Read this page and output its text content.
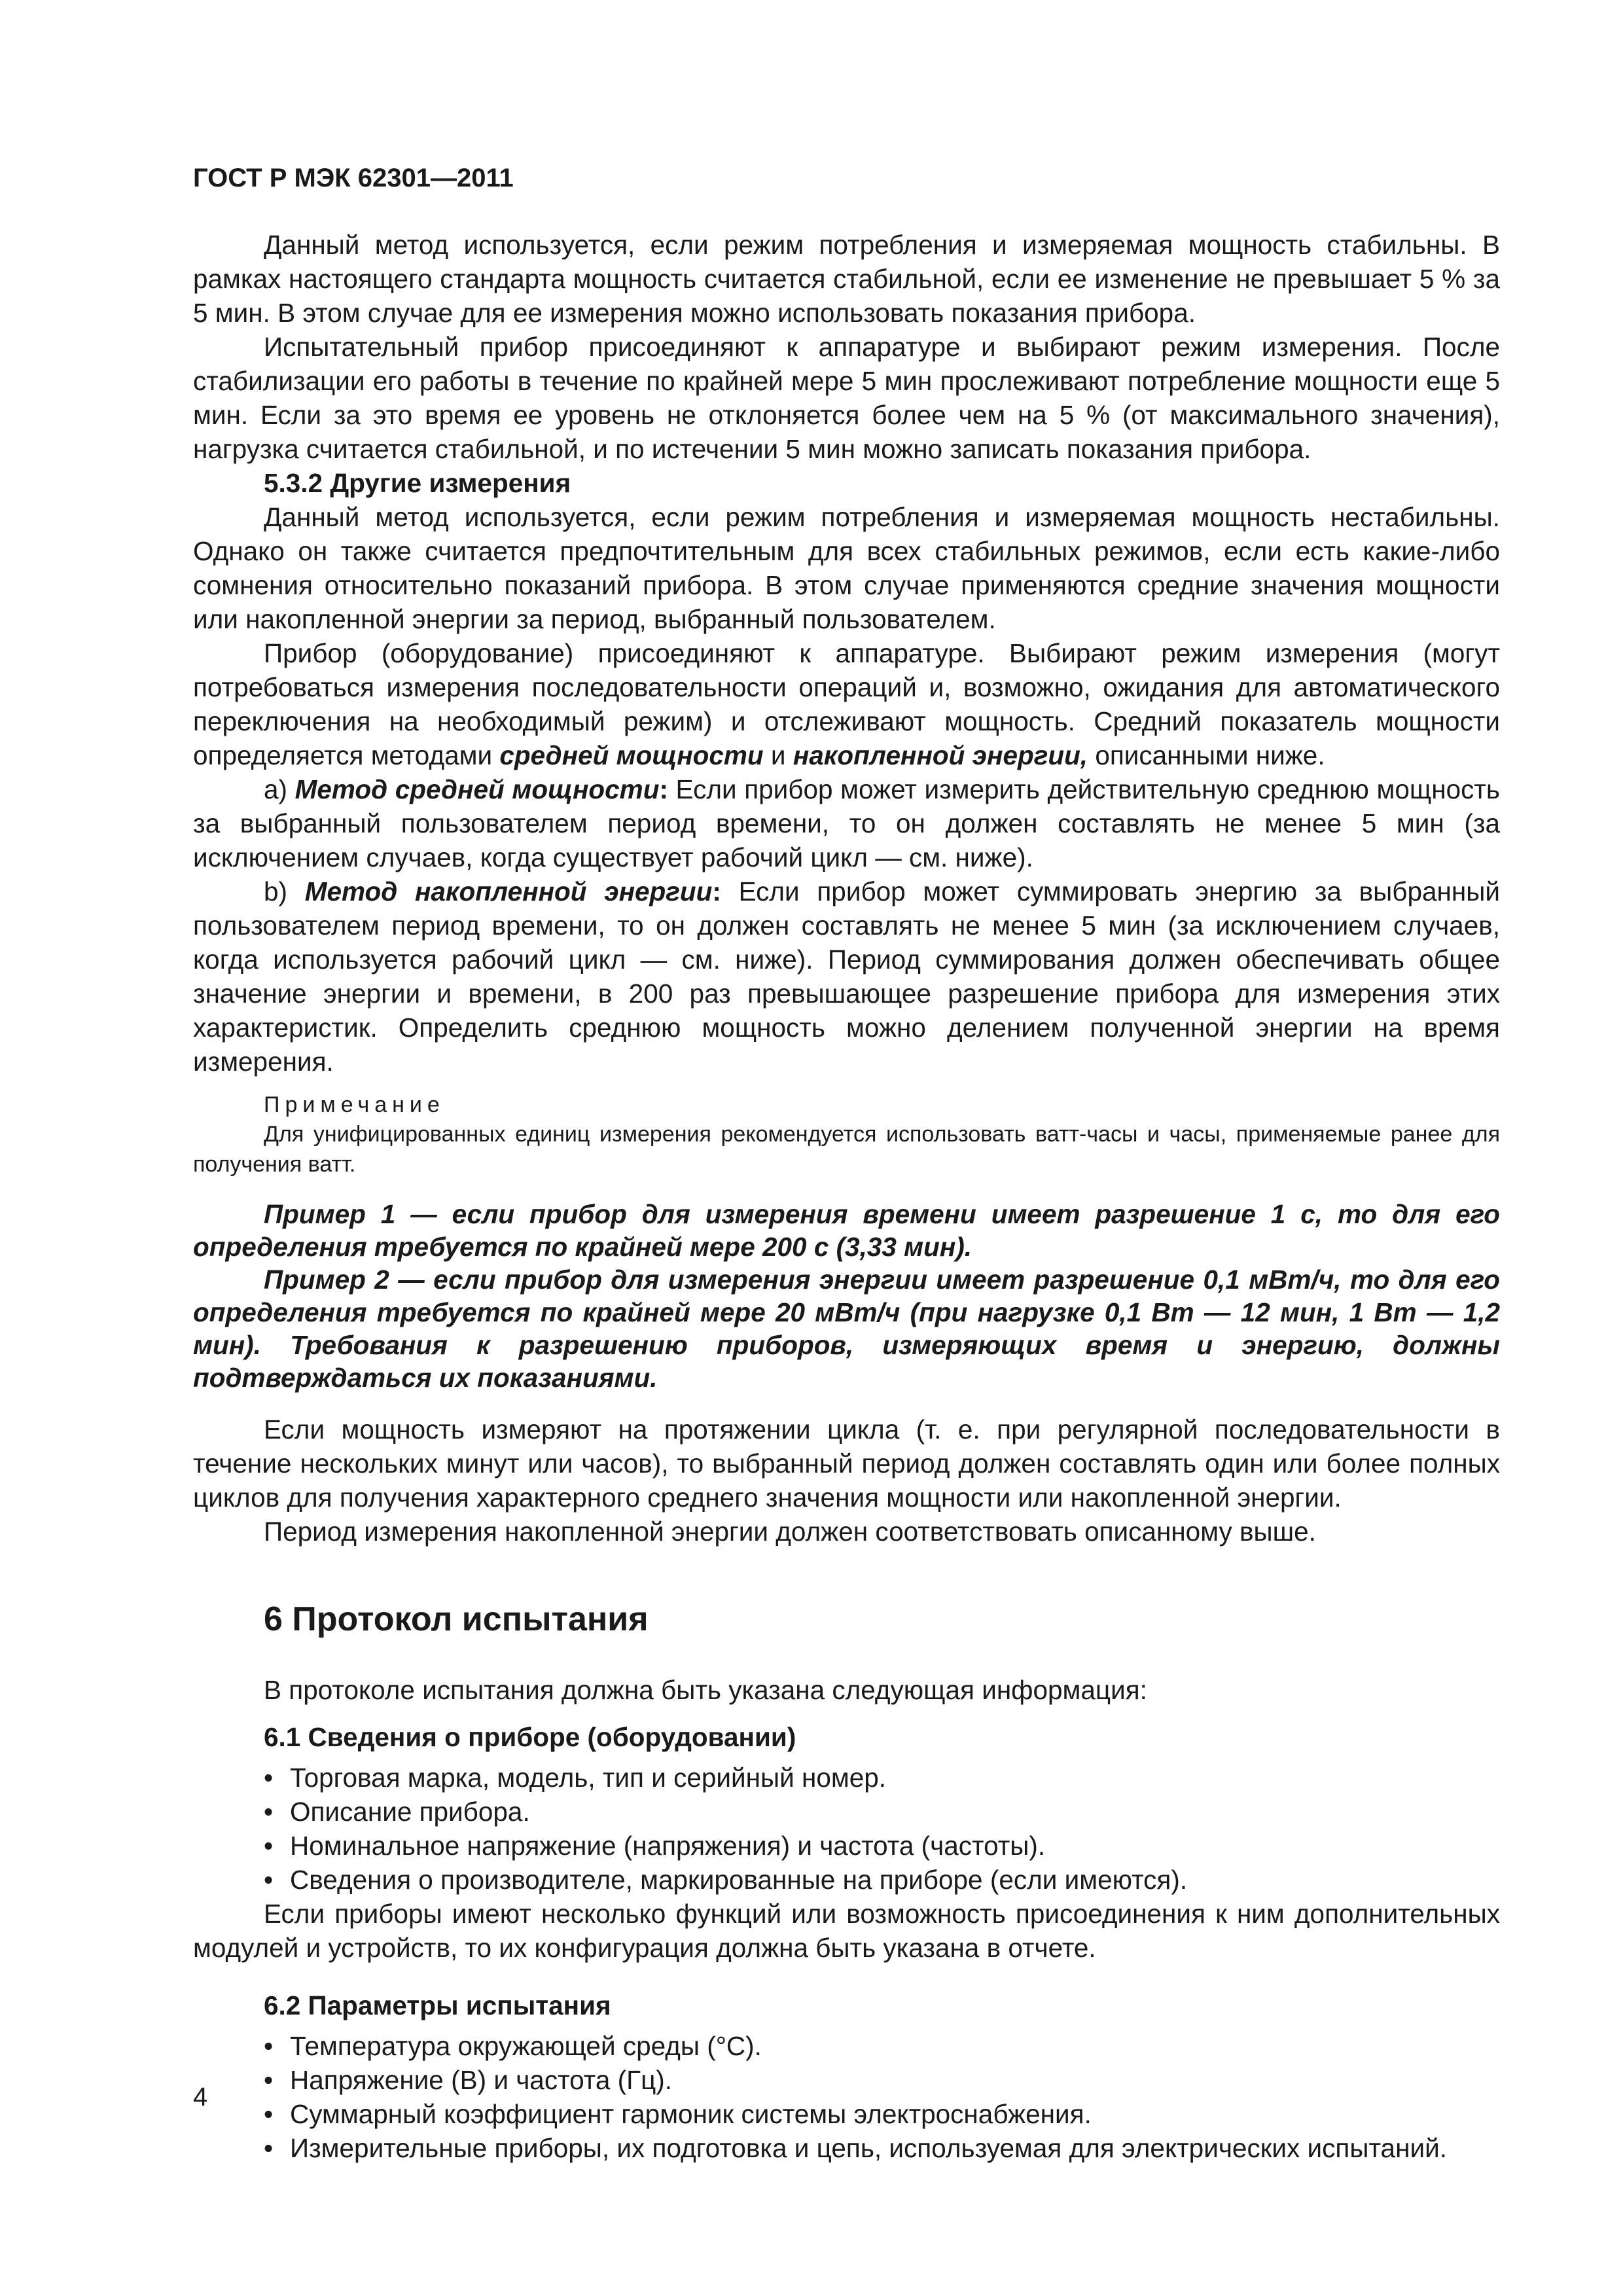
ГОСТ Р МЭК 62301—2011

Данный метод используется, если режим потребления и измеряемая мощность стабильны. В рамках настоящего стандарта мощность считается стабильной, если ее изменение не превышает 5 % за 5 мин. В этом случае для ее измерения можно использовать показания прибора.

Испытательный прибор присоединяют к аппаратуре и выбирают режим измерения. После стабилизации его работы в течение по крайней мере 5 мин прослеживают потребление мощности еще 5 мин. Если за это время ее уровень не отклоняется более чем на 5 % (от максимального значения), нагрузка считается стабильной, и по истечении 5 мин можно записать показания прибора.

5.3.2 Другие измерения

Данный метод используется, если режим потребления и измеряемая мощность нестабильны. Однако он также считается предпочтительным для всех стабильных режимов, если есть какие-либо сомнения относительно показаний прибора. В этом случае применяются средние значения мощности или накопленной энергии за период, выбранный пользователем.

Прибор (оборудование) присоединяют к аппаратуре. Выбирают режим измерения (могут потребоваться измерения последовательности операций и, возможно, ожидания для автоматического переключения на необходимый режим) и отслеживают мощность. Средний показатель мощности определяется методами средней мощности и накопленной энергии, описанными ниже.

a) Метод средней мощности: Если прибор может измерить действительную среднюю мощность за выбранный пользователем период времени, то он должен составлять не менее 5 мин (за исключением случаев, когда существует рабочий цикл — см. ниже).

b) Метод накопленной энергии: Если прибор может суммировать энергию за выбранный пользователем период времени, то он должен составлять не менее 5 мин (за исключением случаев, когда используется рабочий цикл — см. ниже). Период суммирования должен обеспечивать общее значение энергии и времени, в 200 раз превышающее разрешение прибора для измерения этих характеристик. Определить среднюю мощность можно делением полученной энергии на время измерения.

Примечание

Для унифицированных единиц измерения рекомендуется использовать ватт-часы и часы, применяемые ранее для получения ватт.

Пример 1 — если прибор для измерения времени имеет разрешение 1 с, то для его определения требуется по крайней мере 200 с (3,33 мин).

Пример 2 — если прибор для измерения энергии имеет разрешение 0,1 мВт/ч, то для его определения требуется по крайней мере 20 мВт/ч (при нагрузке 0,1 Вт — 12 мин, 1 Вт — 1,2 мин). Требования к разрешению приборов, измеряющих время и энергию, должны подтверждаться их показаниями.

Если мощность измеряют на протяжении цикла (т. е. при регулярной последовательности в течение нескольких минут или часов), то выбранный период должен составлять один или более полных циклов для получения характерного среднего значения мощности или накопленной энергии.

Период измерения накопленной энергии должен соответствовать описанному выше.

6 Протокол испытания

В протоколе испытания должна быть указана следующая информация:

6.1 Сведения о приборе (оборудовании)
• Торговая марка, модель, тип и серийный номер.
• Описание прибора.
• Номинальное напряжение (напряжения) и частота (частоты).
• Сведения о производителе, маркированные на приборе (если имеются).

Если приборы имеют несколько функций или возможность присоединения к ним дополнительных модулей и устройств, то их конфигурация должна быть указана в отчете.

6.2 Параметры испытания
• Температура окружающей среды (°С).
• Напряжение (В) и частота (Гц).
• Суммарный коэффициент гармоник системы электроснабжения.
• Измерительные приборы, их подготовка и цепь, используемая для электрических испытаний.
4
